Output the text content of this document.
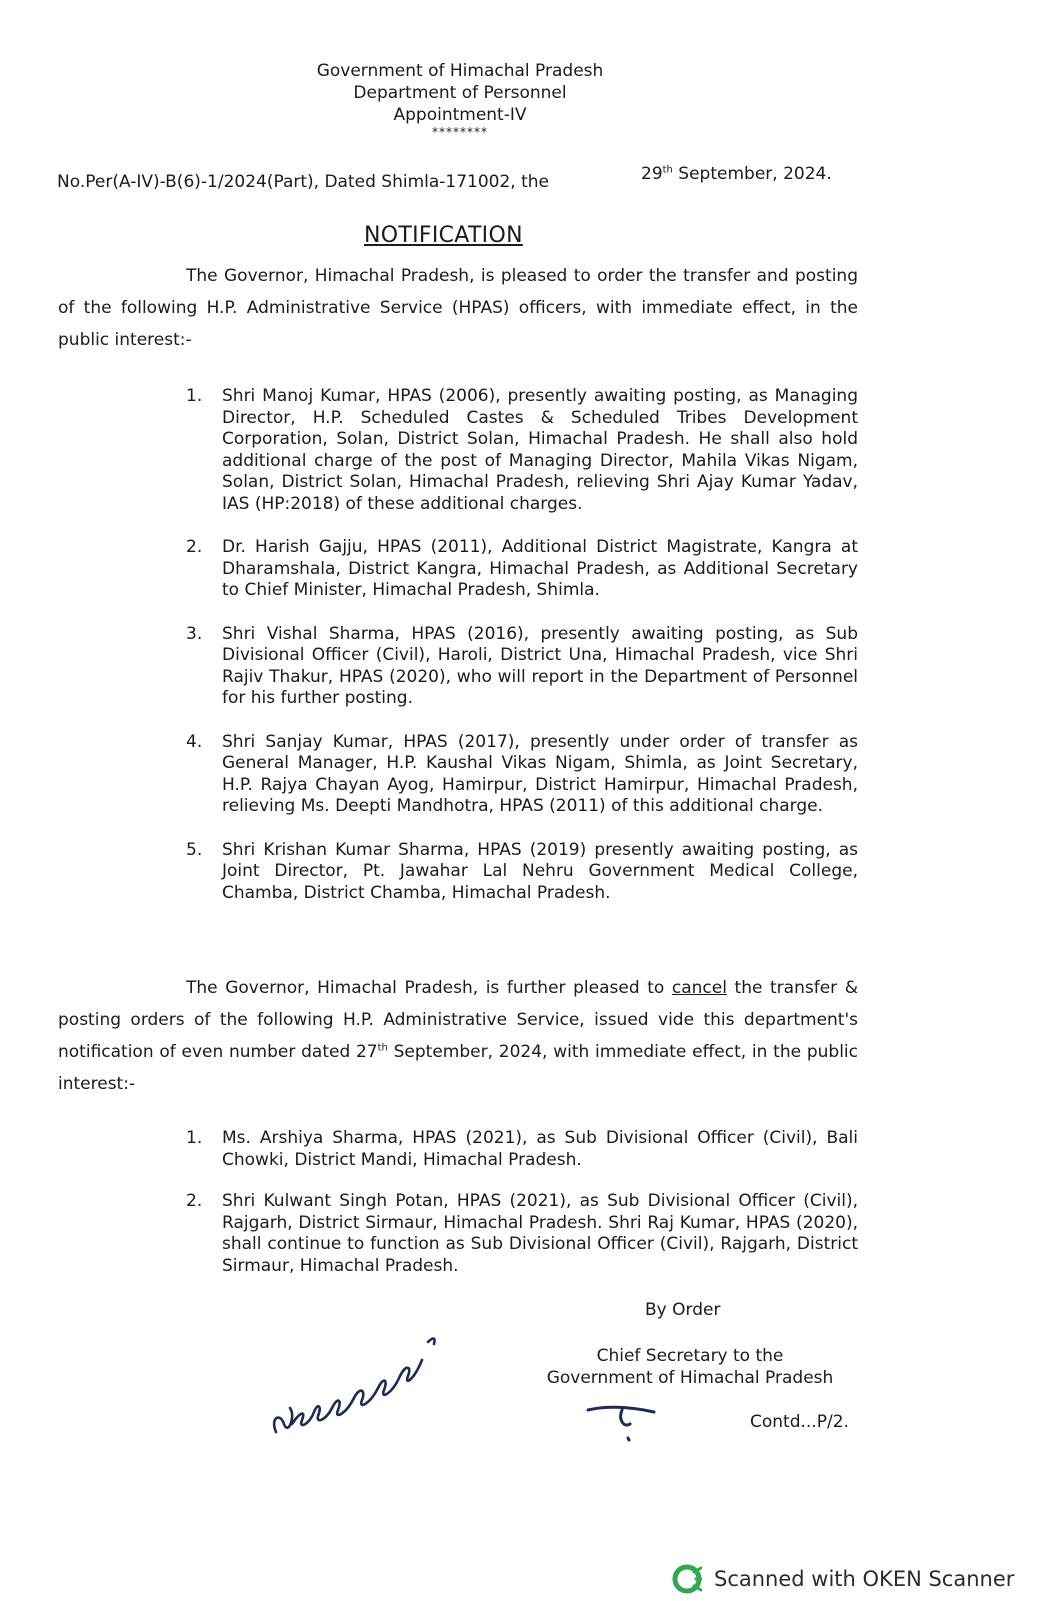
Government of Himachal Pradesh
Department of Personnel
Appointment-IV
********
No.Per(A-IV)-B(6)-1/2024(Part), Dated Shimla-171002, the	29th September, 2024.
NOTIFICATION
The Governor, Himachal Pradesh, is pleased to order the transfer and posting of the following H.P. Administrative Service (HPAS) officers, with immediate effect, in the public interest:-
1. Shri Manoj Kumar, HPAS (2006), presently awaiting posting, as Managing Director, H.P. Scheduled Castes & Scheduled Tribes Development Corporation, Solan, District Solan, Himachal Pradesh. He shall also hold additional charge of the post of Managing Director, Mahila Vikas Nigam, Solan, District Solan, Himachal Pradesh, relieving Shri Ajay Kumar Yadav, IAS (HP:2018) of these additional charges.
2. Dr. Harish Gajju, HPAS (2011), Additional District Magistrate, Kangra at Dharamshala, District Kangra, Himachal Pradesh, as Additional Secretary to Chief Minister, Himachal Pradesh, Shimla.
3. Shri Vishal Sharma, HPAS (2016), presently awaiting posting, as Sub Divisional Officer (Civil), Haroli, District Una, Himachal Pradesh, vice Shri Rajiv Thakur, HPAS (2020), who will report in the Department of Personnel for his further posting.
4. Shri Sanjay Kumar, HPAS (2017), presently under order of transfer as General Manager, H.P. Kaushal Vikas Nigam, Shimla, as Joint Secretary, H.P. Rajya Chayan Ayog, Hamirpur, District Hamirpur, Himachal Pradesh, relieving Ms. Deepti Mandhotra, HPAS (2011) of this additional charge.
5. Shri Krishan Kumar Sharma, HPAS (2019) presently awaiting posting, as Joint Director, Pt. Jawahar Lal Nehru Government Medical College, Chamba, District Chamba, Himachal Pradesh.
The Governor, Himachal Pradesh, is further pleased to cancel the transfer & posting orders of the following H.P. Administrative Service, issued vide this department's notification of even number dated 27th September, 2024, with immediate effect, in the public interest:-
1. Ms. Arshiya Sharma, HPAS (2021), as Sub Divisional Officer (Civil), Bali Chowki, District Mandi, Himachal Pradesh.
2. Shri Kulwant Singh Potan, HPAS (2021), as Sub Divisional Officer (Civil), Rajgarh, District Sirmaur, Himachal Pradesh. Shri Raj Kumar, HPAS (2020), shall continue to function as Sub Divisional Officer (Civil), Rajgarh, District Sirmaur, Himachal Pradesh.
By Order
Chief Secretary to the
Government of Himachal Pradesh
Contd...P/2.
Scanned with OKEN Scanner
